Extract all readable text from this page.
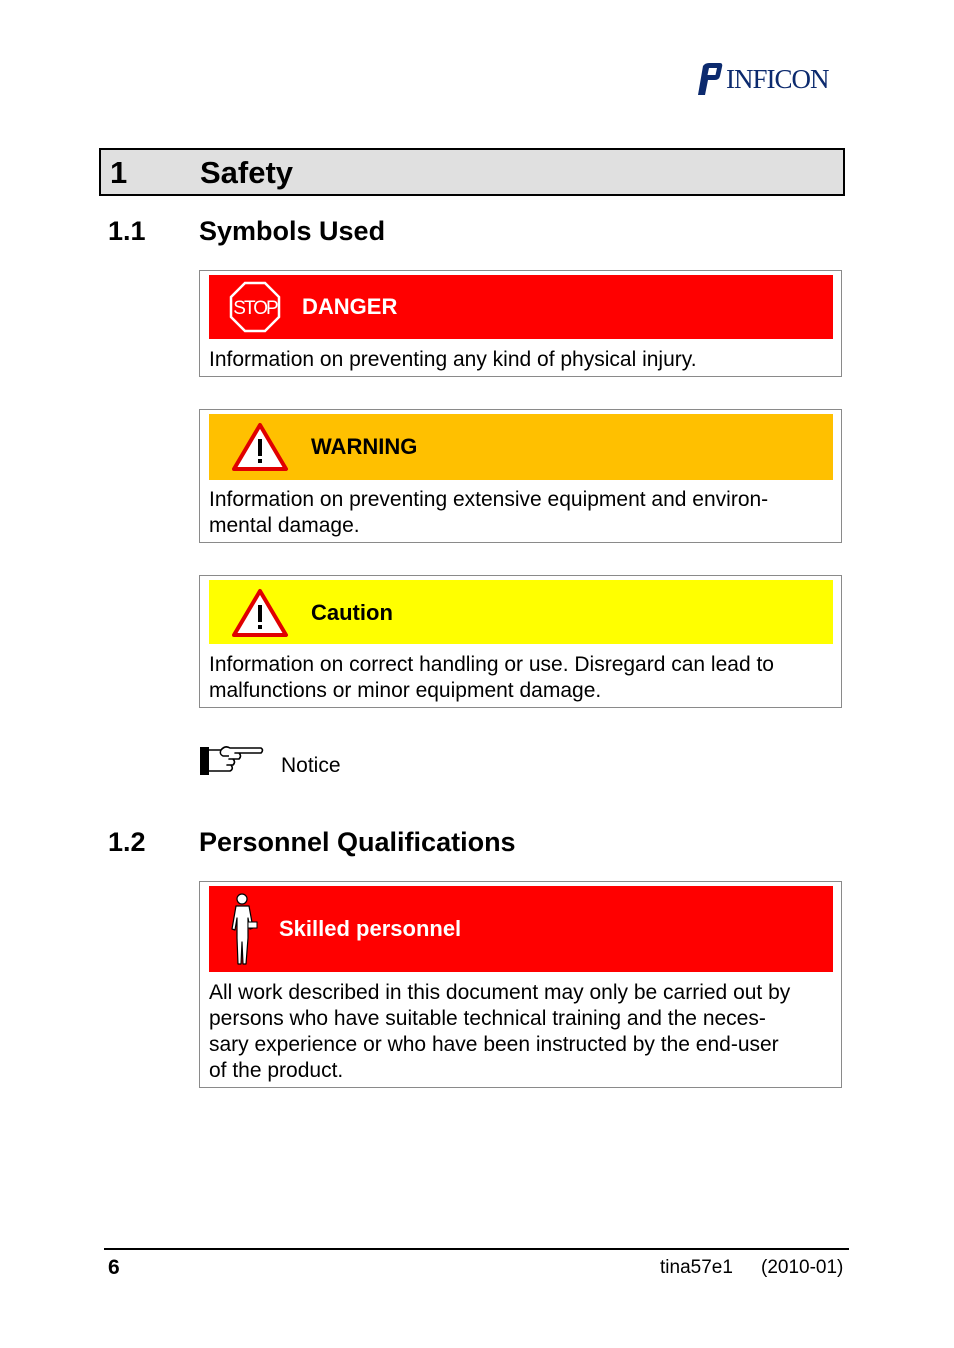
INFICON
1 Safety
1.1 Symbols Used
STOP DANGER
Information on preventing any kind of physical injury.
WARNING
Information on preventing extensive equipment and environ-
mental damage.
Caution
Information on correct handling or use. Disregard can lead to
malfunctions or minor equipment damage.
Notice
1.2 Personnel Qualifications
Skilled personnel
All work described in this document may only be carried out by
persons who have suitable technical training and the neces-
sary experience or who have been instructed by the end-user
of the product.
6	tina57e1 (2010-01)
